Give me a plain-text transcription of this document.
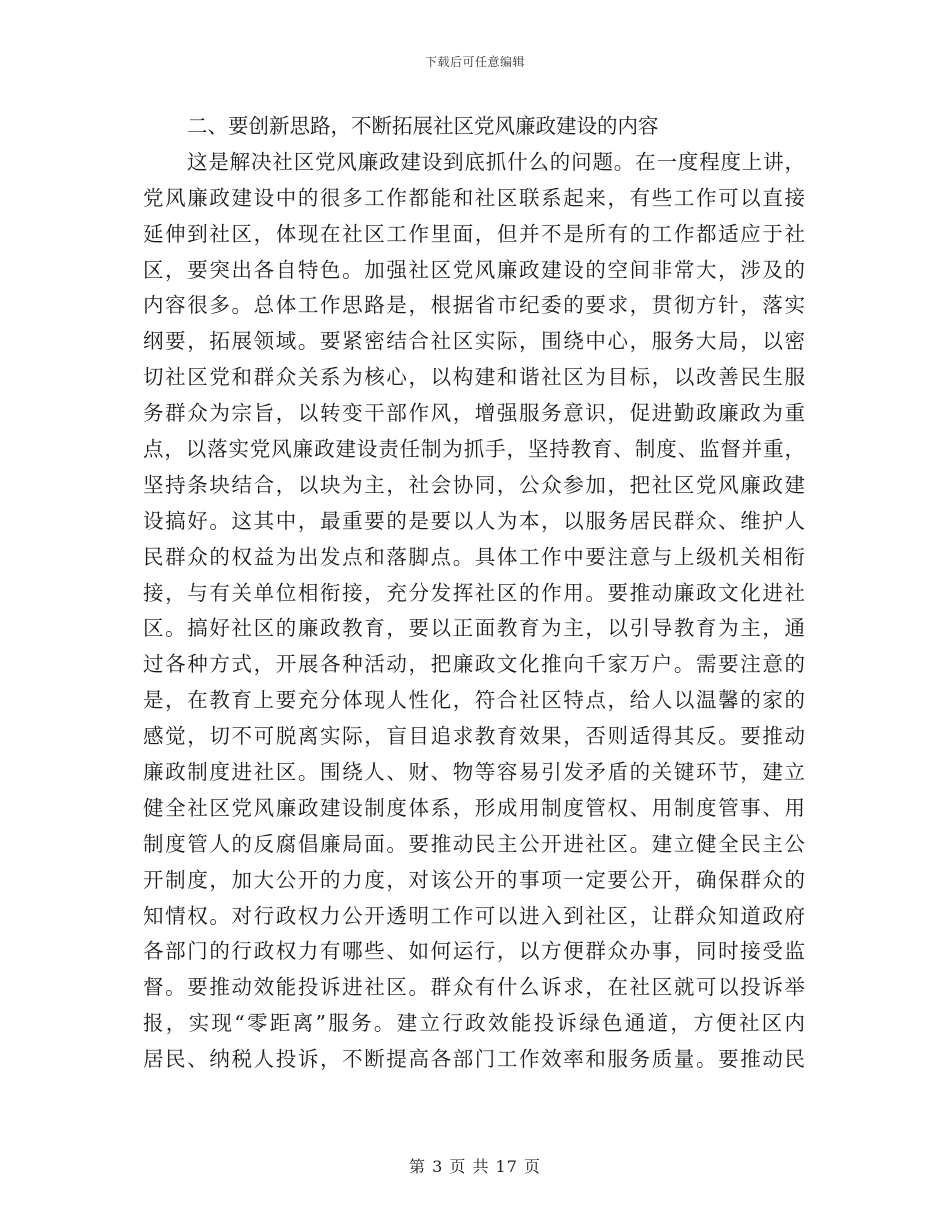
下载后可任意编辑
二、要创新思路，不断拓展社区党风廉政建设的内容
这是解决社区党风廉政建设到底抓什么的问题。在一度程度上讲，
党风廉政建设中的很多工作都能和社区联系起来，有些工作可以直接
延伸到社区，体现在社区工作里面，但并不是所有的工作都适应于社
区，要突出各自特色。加强社区党风廉政建设的空间非常大，涉及的
内容很多。总体工作思路是，根据省市纪委的要求，贯彻方针，落实
纲要，拓展领域。要紧密结合社区实际，围绕中心，服务大局，以密
切社区党和群众关系为核心，以构建和谐社区为目标，以改善民生服
务群众为宗旨，以转变干部作风，增强服务意识，促进勤政廉政为重
点，以落实党风廉政建设责任制为抓手，坚持教育、制度、监督并重，
坚持条块结合，以块为主，社会协同，公众参加，把社区党风廉政建
设搞好。这其中，最重要的是要以人为本，以服务居民群众、维护人
民群众的权益为出发点和落脚点。具体工作中要注意与上级机关相衔
接，与有关单位相衔接，充分发挥社区的作用。要推动廉政文化进社
区。搞好社区的廉政教育，要以正面教育为主，以引导教育为主，通
过各种方式，开展各种活动，把廉政文化推向千家万户。需要注意的
是，在教育上要充分体现人性化，符合社区特点，给人以温馨的家的
感觉，切不可脱离实际，盲目追求教育效果，否则适得其反。要推动
廉政制度进社区。围绕人、财、物等容易引发矛盾的关键环节，建立
健全社区党风廉政建设制度体系，形成用制度管权、用制度管事、用
制度管人的反腐倡廉局面。要推动民主公开进社区。建立健全民主公
开制度，加大公开的力度，对该公开的事项一定要公开，确保群众的
知情权。对行政权力公开透明工作可以进入到社区，让群众知道政府
各部门的行政权力有哪些、如何运行，以方便群众办事，同时接受监
督。要推动效能投诉进社区。群众有什么诉求，在社区就可以投诉举
报，实现“零距离”服务。建立行政效能投诉绿色通道，方便社区内
居民、纳税人投诉，不断提高各部门工作效率和服务质量。要推动民
第 3 页 共 17 页
